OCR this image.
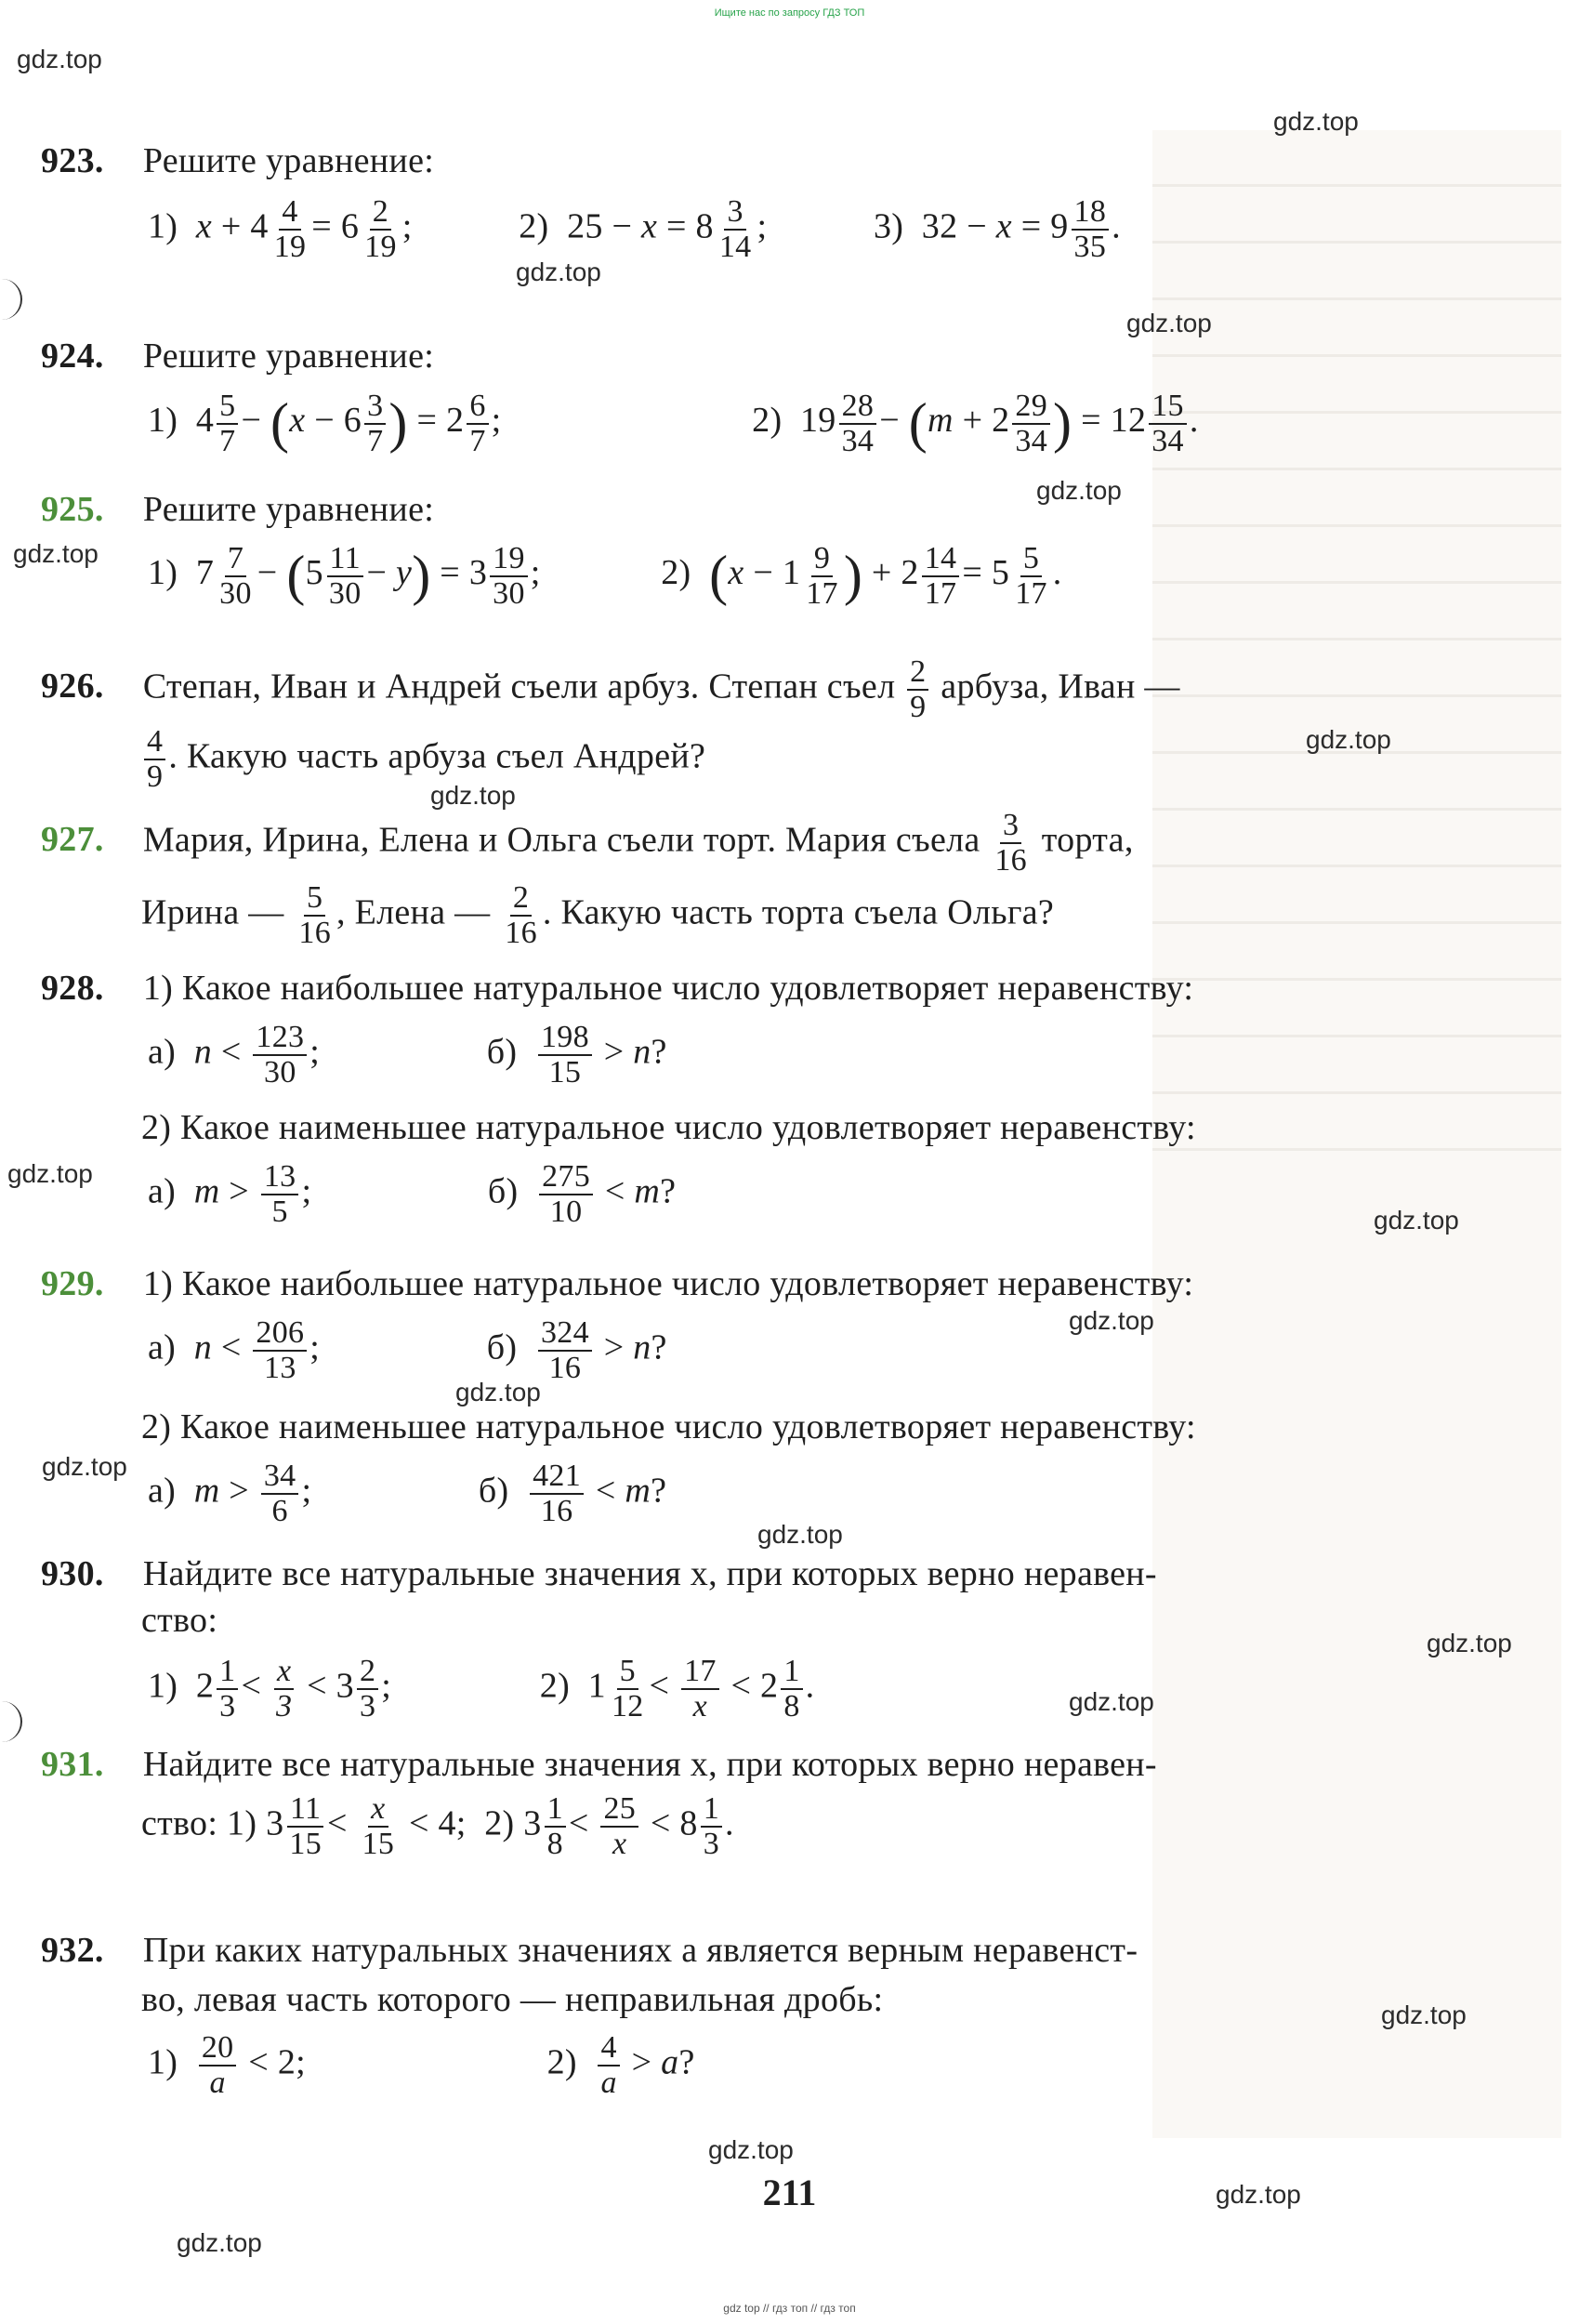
Ищите нас по запросу ГДЗ ТОП
gdz.top
gdz.top
gdz.top
gdz.top
gdz.top
gdz.top
gdz.top
gdz.top
gdz.top
gdz.top
gdz.top
gdz.top
gdz.top
gdz.top
gdz.top
gdz.top
gdz.top
gdz.top
gdz.top
gdz.top
923. Решите уравнение:
1) $x + 4 \frac{4}{19} = 6 \frac{2}{19}$ ;	2)  $25 - x = 8 \frac{3}{14}$ ;	3)  $32 - x = 9 \frac{18}{35}$ .
924. Решите уравнение:
1)  $4 \frac{5}{7} - (x - 6 \frac{3}{7}$ ) = $2 \frac{6}{7}$ ;	2)  $19 \frac{28}{34} - (m + 2 \frac{29}{34}$ ) = $12 \frac{15}{34}$ .
925. Решите уравнение:
1)  $7 \frac{7}{30} - (5 \frac{11}{30} - y) = 3 \frac{19}{30}$ ;	2) ($x - 1 \frac{9}{17}$ ) + $2 \frac{14}{17} = 5 \frac{5}{17}$ .
926. Степан, Иван и Андрей съели арбуз. Степан съел $\frac{2}{9}$ арбуза, Иван —
$\frac{4}{9}$ . Какую часть арбуза съел Андрей?
927. Мария, Ирина, Елена и Ольга съели торт. Мария съела $\frac{3}{16}$ торта,
Ирина — $\frac{5}{16}$ , Елена — $\frac{2}{16}$ . Какую часть торта съела Ольга?
928. 1) Какое наибольшее натуральное число удовлетворяет неравенству:
а) $n < \frac{123}{30}$ ;	$б) \frac{198}{15} > n$?
2) Какое наименьшее натуральное число удовлетворяет неравенству:
а) $m > \frac{13}{5}$ ;	$б) \frac{275}{10} < m$?
929. 1) Какое наибольшее натуральное число удовлетворяет неравенству:
а) $n < \frac{206}{13}$ ;	$б) \frac{324}{16} > n$?
2) Какое наименьшее натуральное число удовлетворяет неравенству:
а) $m > \frac{34}{6}$ ;	$б) \frac{421}{16} < m$?
930. Найдите все натуральные значения x, при которых верно неравен-
ство:
1)  $2 \frac{1}{3} < \frac{x}{3} < 3 \frac{2}{3}$ ;	2)  $1 \frac{5}{12} < \frac{17}{x} < 2 \frac{1}{8}$ .
931. Найдите все натуральные значения x, при которых верно неравен-
ство: 1) $3 \frac{11}{15} < \frac{x}{15} < 4$;  2) $3 \frac{1}{8} < \frac{25}{x} < 8 \frac{1}{3}$ .
932. При каких натуральных значениях a является верным неравенст-
во, левая часть которого — неправильная дробь:
$1) \frac{20}{a} < 2$;	$2) \frac{4}{a} > a$?
211
gdz top // гдз топ // гдз топ
